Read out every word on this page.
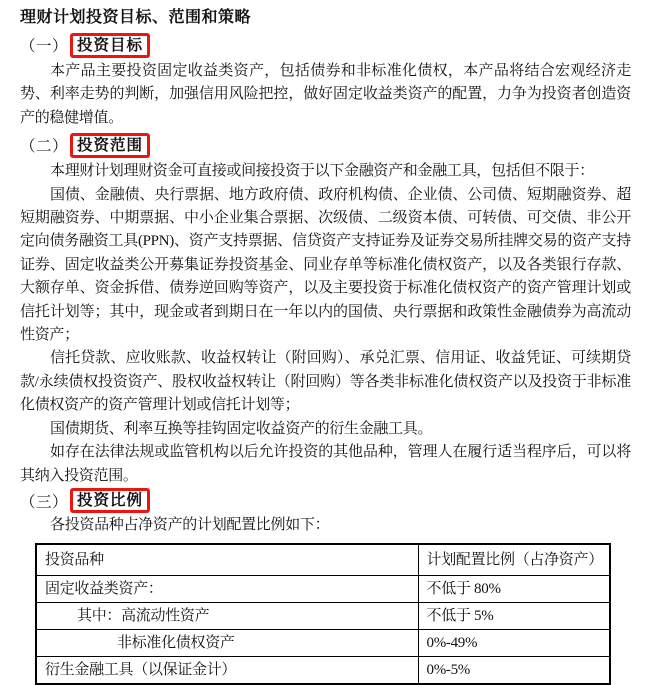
理财计划投资目标、范围和策略
（一） 投资目标

本产品主要投资固定收益类资产，包括债券和非标准化债权，本产品将结合宏观经济走势、利率走势的判断，加强信用风险把控，做好固定收益类资产的配置，力争为投资者创造资产的稳健增值。

（二） 投资范围

本理财计划理财资金可直接或间接投资于以下金融资产和金融工具，包括但不限于：

国债、金融债、央行票据、地方政府债、政府机构债、企业债、公司债、短期融资券、超短期融资券、中期票据、中小企业集合票据、次级债、二级资本债、可转债、可交债、非公开定向债务融资工具(PPN)、资产支持票据、信贷资产支持证券及证券交易所挂牌交易的资产支持证券、固定收益类公开募集证券投资基金、同业存单等标准化债权资产，以及各类银行存款、大额存单、资金拆借、债券逆回购等资产，以及主要投资于标准化债权资产的资产管理计划或信托计划等；其中，现金或者到期日在一年以内的国债、央行票据和政策性金融债券为高流动性资产；

信托贷款、应收账款、收益权转让（附回购）、承兑汇票、信用证、收益凭证、可续期贷款/永续债权投资资产、股权收益权转让（附回购）等各类非标准化债权资产以及投资于非标准化债权资产的资产管理计划或信托计划等；

国债期货、利率互换等挂钩固定收益资产的衍生金融工具。

如存在法律法规或监管机构以后允许投资的其他品种，管理人在履行适当程序后，可以将其纳入投资范围。

（三） 投资比例

各投资品种占净资产的计划配置比例如下：

投资品种	计划配置比例（占净资产）
固定收益类资产：	不低于 80%
其中：高流动性资产	不低于 5%
非标准化债权资产	0%-49%
衍生金融工具（以保证金计）	0%-5%
